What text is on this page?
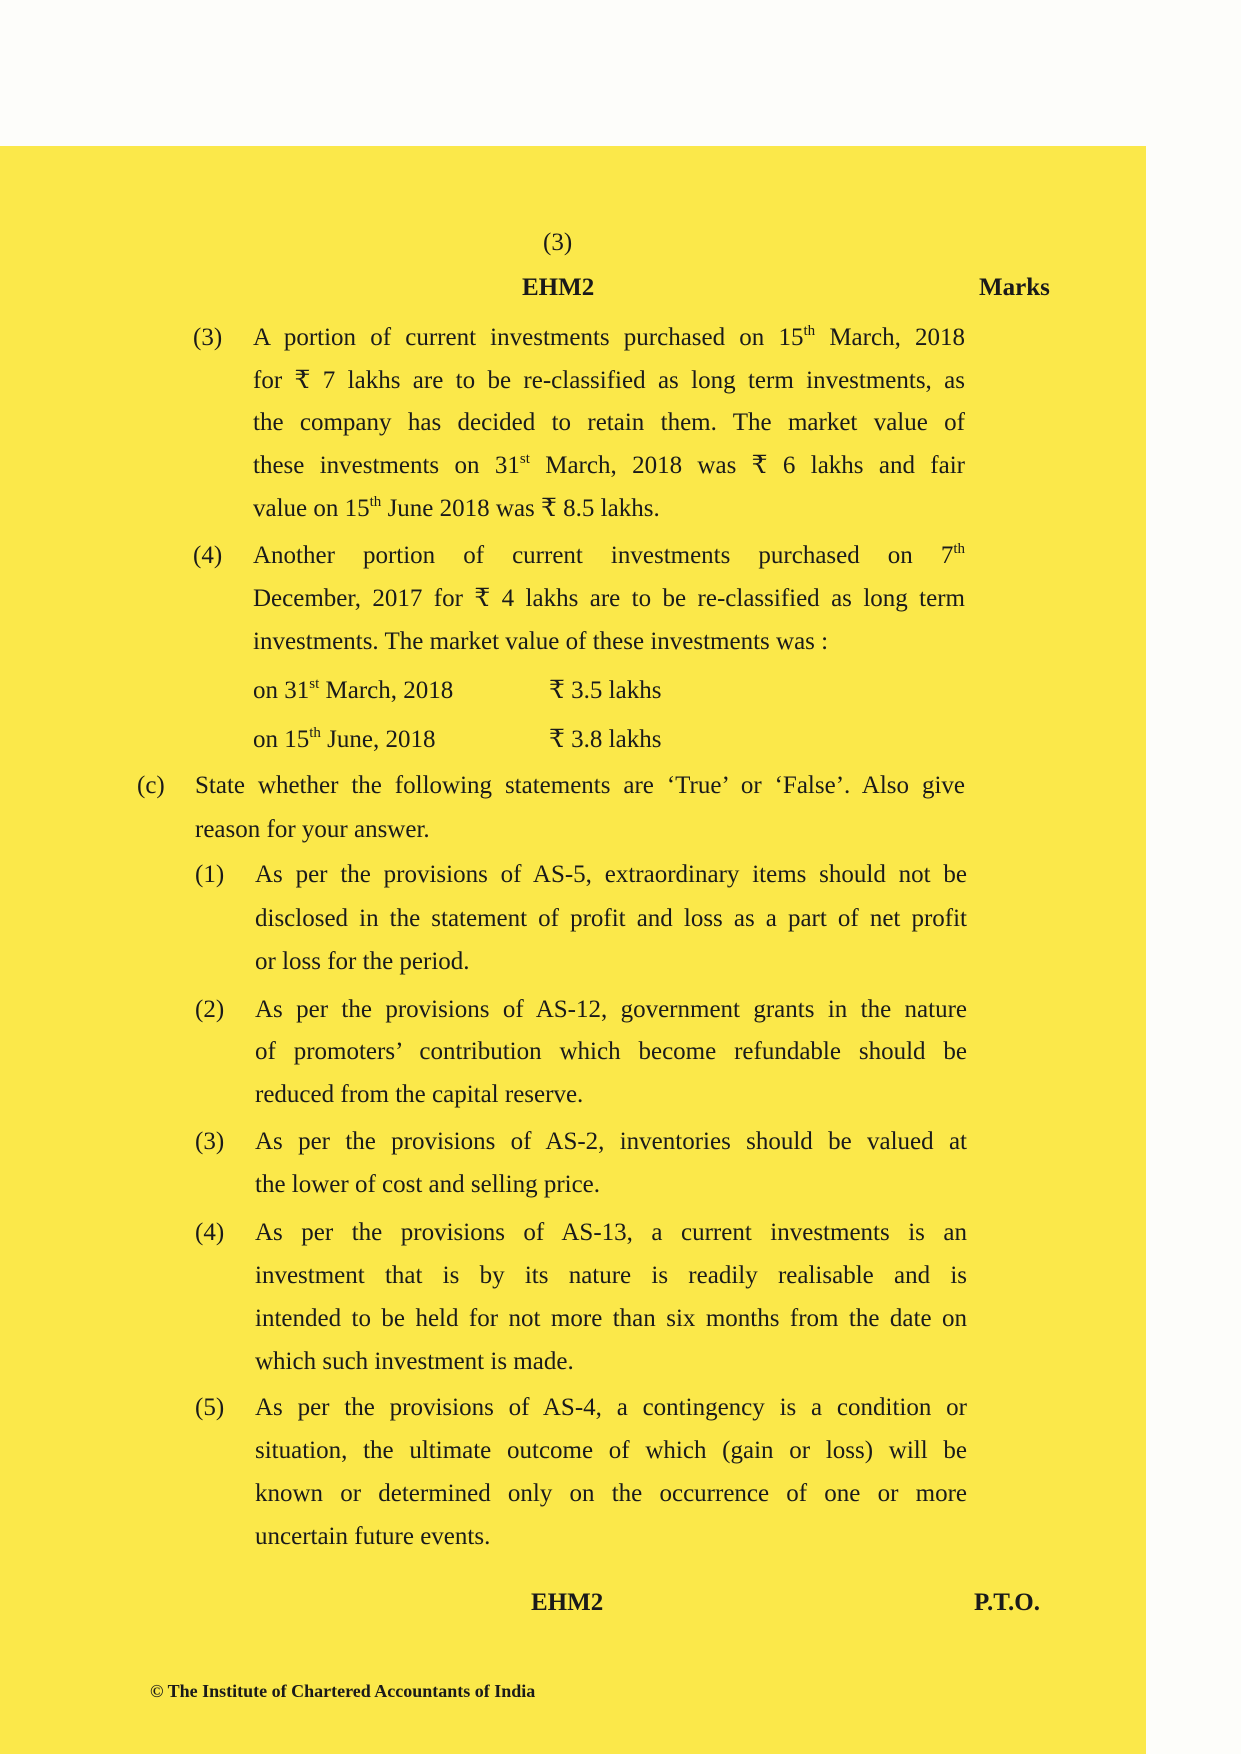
(3)
EHM2	Marks
(3) A portion of current investments purchased on 15th March, 2018
for ₹ 7 lakhs are to be re-classified as long term investments, as
the company has decided to retain them. The market value of
these investments on 31st March, 2018 was ₹ 6 lakhs and fair
value on 15th June 2018 was ₹ 8.5 lakhs.
(4) Another portion of current investments purchased on 7th
December, 2017 for ₹ 4 lakhs are to be re-classified as long term
investments. The market value of these investments was :
on 31st March, 2018	₹ 3.5 lakhs
on 15th June, 2018	₹ 3.8 lakhs
(c) State whether the following statements are ‘True’ or ‘False’. Also give
reason for your answer.
(1) As per the provisions of AS-5, extraordinary items should not be
disclosed in the statement of profit and loss as a part of net profit
or loss for the period.
(2) As per the provisions of AS-12, government grants in the nature
of promoters’ contribution which become refundable should be
reduced from the capital reserve.
(3) As per the provisions of AS-2, inventories should be valued at
the lower of cost and selling price.
(4) As per the provisions of AS-13, a current investments is an
investment that is by its nature is readily realisable and is
intended to be held for not more than six months from the date on
which such investment is made.
(5) As per the provisions of AS-4, a contingency is a condition or
situation, the ultimate outcome of which (gain or loss) will be
known or determined only on the occurrence of one or more
uncertain future events.
EHM2	P.T.O.
© The Institute of Chartered Accountants of India
